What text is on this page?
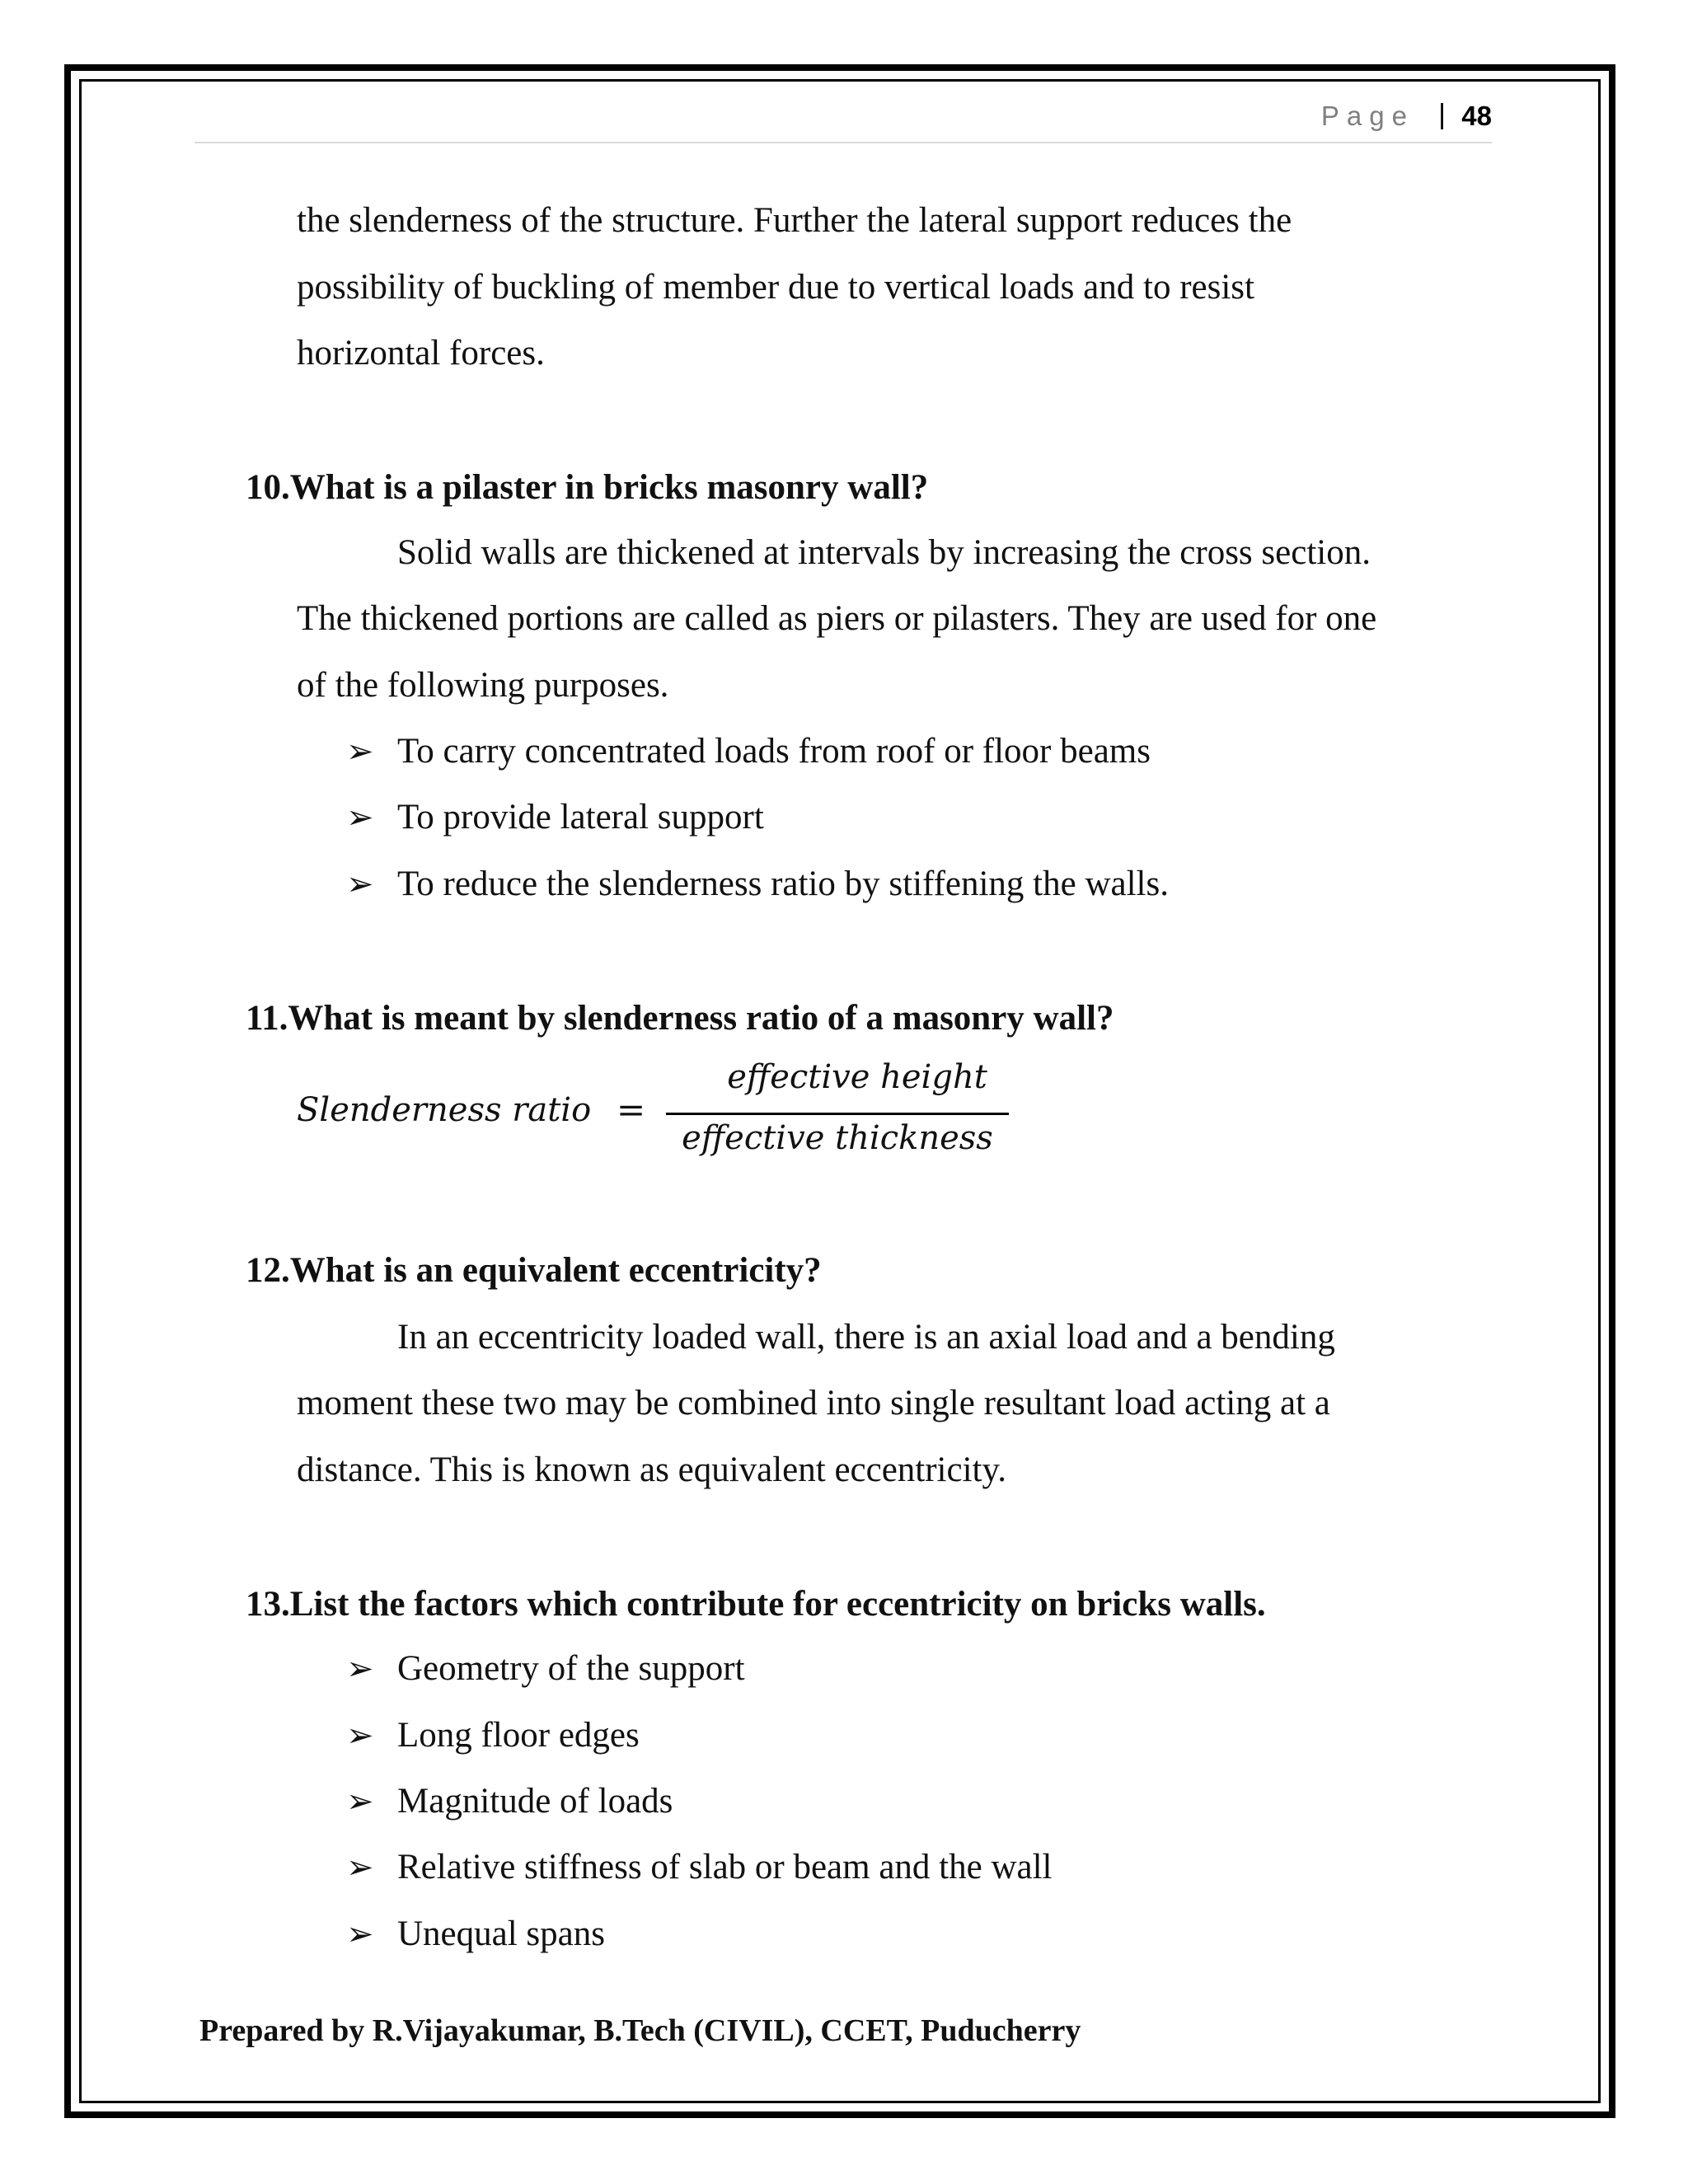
Page | 48
the slenderness of the structure. Further the lateral support reduces the
possibility of buckling of member due to vertical loads and to resist
horizontal forces.
10.What is a pilaster in bricks masonry wall?
Solid walls are thickened at intervals by increasing the cross section.
The thickened portions are called as piers or pilasters. They are used for one
of the following purposes.
➢ To carry concentrated loads from roof or floor beams
➢ To provide lateral support
➢ To reduce the slenderness ratio by stiffening the walls.
11.What is meant by slenderness ratio of a masonry wall?
Slenderness ratio =
effective height
effective thickness
12.What is an equivalent eccentricity?
In an eccentricity loaded wall, there is an axial load and a bending
moment these two may be combined into single resultant load acting at a
distance. This is known as equivalent eccentricity.
13.List the factors which contribute for eccentricity on bricks walls.
➢ Geometry of the support
➢ Long floor edges
➢ Magnitude of loads
➢ Relative stiffness of slab or beam and the wall
➢ Unequal spans
Prepared by R.Vijayakumar, B.Tech (CIVIL), CCET, Puducherry
